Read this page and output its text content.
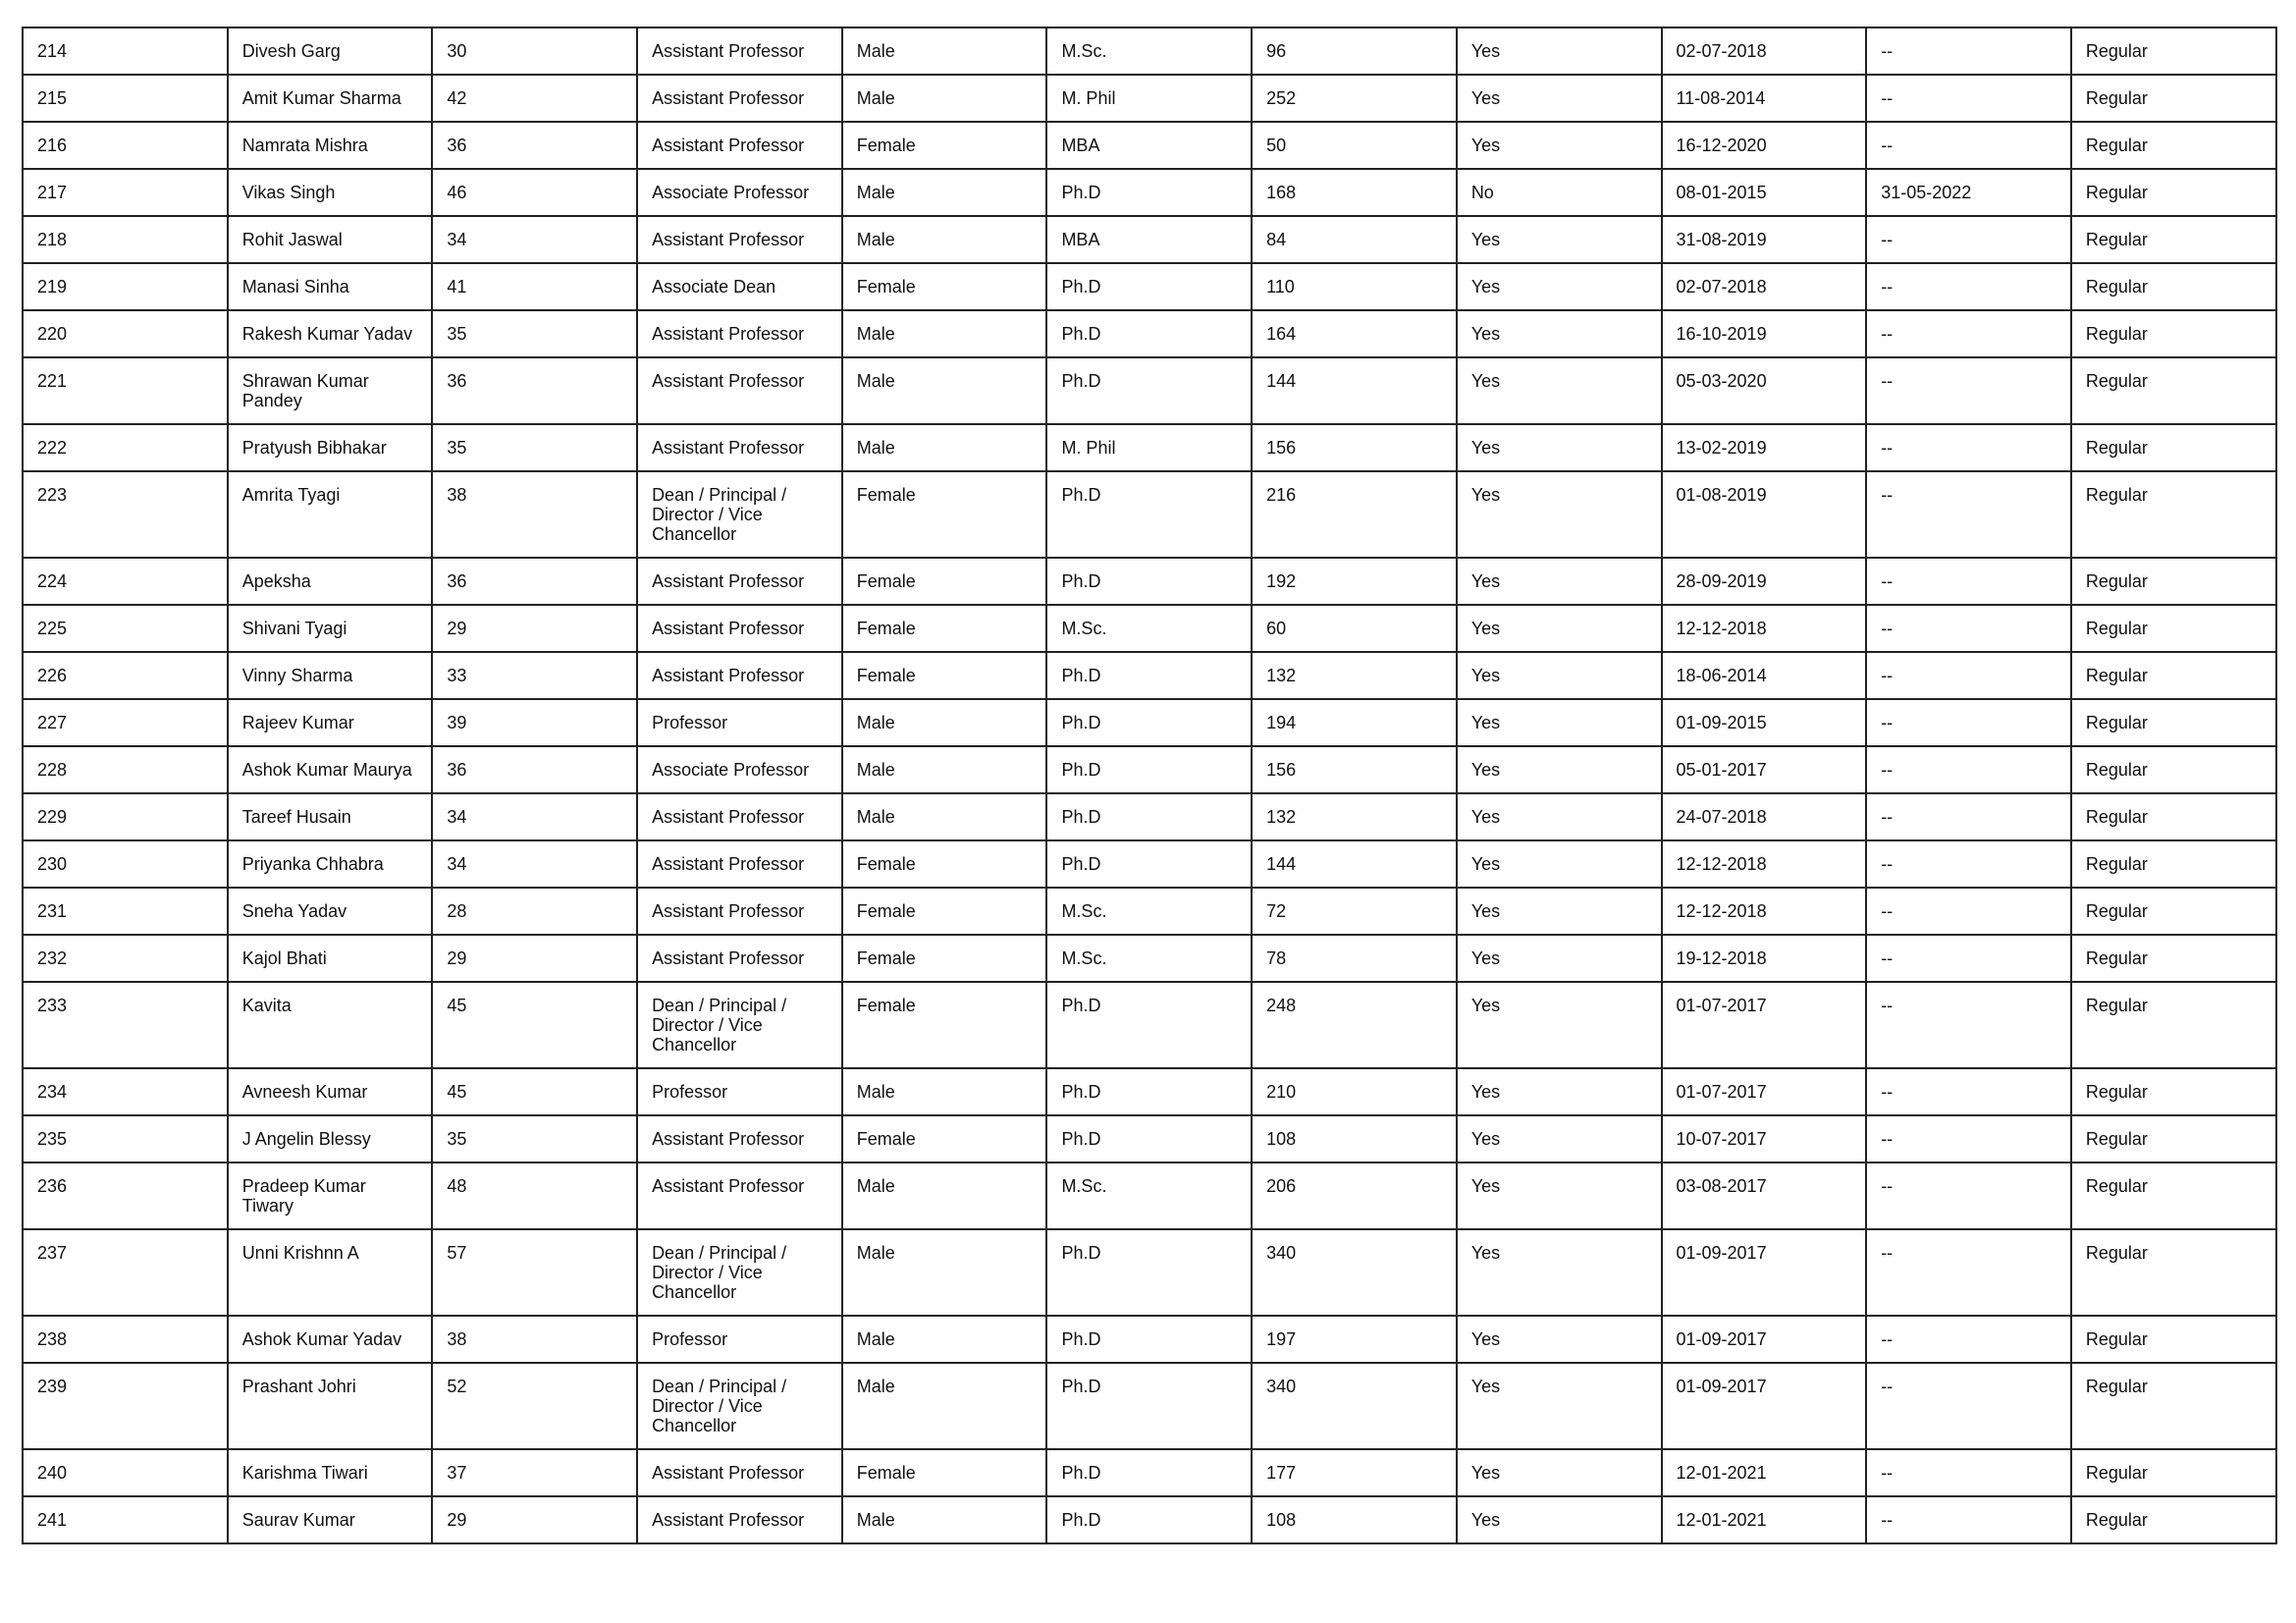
214	Divesh Garg	30	Assistant Professor	Male	M.Sc.	96	Yes	02-07-2018	--	Regular
215	Amit Kumar Sharma	42	Assistant Professor	Male	M. Phil	252	Yes	11-08-2014	--	Regular
216	Namrata Mishra	36	Assistant Professor	Female	MBA	50	Yes	16-12-2020	--	Regular
217	Vikas Singh	46	Associate Professor	Male	Ph.D	168	No	08-01-2015	31-05-2022	Regular
218	Rohit Jaswal	34	Assistant Professor	Male	MBA	84	Yes	31-08-2019	--	Regular
219	Manasi Sinha	41	Associate Dean	Female	Ph.D	110	Yes	02-07-2018	--	Regular
220	Rakesh Kumar Yadav	35	Assistant Professor	Male	Ph.D	164	Yes	16-10-2019	--	Regular
221	Shrawan Kumar Pandey	36	Assistant Professor	Male	Ph.D	144	Yes	05-03-2020	--	Regular
222	Pratyush Bibhakar	35	Assistant Professor	Male	M. Phil	156	Yes	13-02-2019	--	Regular
223	Amrita Tyagi	38	Dean / Principal / Director / Vice Chancellor	Female	Ph.D	216	Yes	01-08-2019	--	Regular
224	Apeksha	36	Assistant Professor	Female	Ph.D	192	Yes	28-09-2019	--	Regular
225	Shivani Tyagi	29	Assistant Professor	Female	M.Sc.	60	Yes	12-12-2018	--	Regular
226	Vinny Sharma	33	Assistant Professor	Female	Ph.D	132	Yes	18-06-2014	--	Regular
227	Rajeev Kumar	39	Professor	Male	Ph.D	194	Yes	01-09-2015	--	Regular
228	Ashok Kumar Maurya	36	Associate Professor	Male	Ph.D	156	Yes	05-01-2017	--	Regular
229	Tareef Husain	34	Assistant Professor	Male	Ph.D	132	Yes	24-07-2018	--	Regular
230	Priyanka Chhabra	34	Assistant Professor	Female	Ph.D	144	Yes	12-12-2018	--	Regular
231	Sneha Yadav	28	Assistant Professor	Female	M.Sc.	72	Yes	12-12-2018	--	Regular
232	Kajol Bhati	29	Assistant Professor	Female	M.Sc.	78	Yes	19-12-2018	--	Regular
233	Kavita	45	Dean / Principal / Director / Vice Chancellor	Female	Ph.D	248	Yes	01-07-2017	--	Regular
234	Avneesh Kumar	45	Professor	Male	Ph.D	210	Yes	01-07-2017	--	Regular
235	J Angelin Blessy	35	Assistant Professor	Female	Ph.D	108	Yes	10-07-2017	--	Regular
236	Pradeep Kumar Tiwary	48	Assistant Professor	Male	M.Sc.	206	Yes	03-08-2017	--	Regular
237	Unni Krishnn A	57	Dean / Principal / Director / Vice Chancellor	Male	Ph.D	340	Yes	01-09-2017	--	Regular
238	Ashok Kumar Yadav	38	Professor	Male	Ph.D	197	Yes	01-09-2017	--	Regular
239	Prashant Johri	52	Dean / Principal / Director / Vice Chancellor	Male	Ph.D	340	Yes	01-09-2017	--	Regular
240	Karishma Tiwari	37	Assistant Professor	Female	Ph.D	177	Yes	12-01-2021	--	Regular
241	Saurav Kumar	29	Assistant Professor	Male	Ph.D	108	Yes	12-01-2021	--	Regular
